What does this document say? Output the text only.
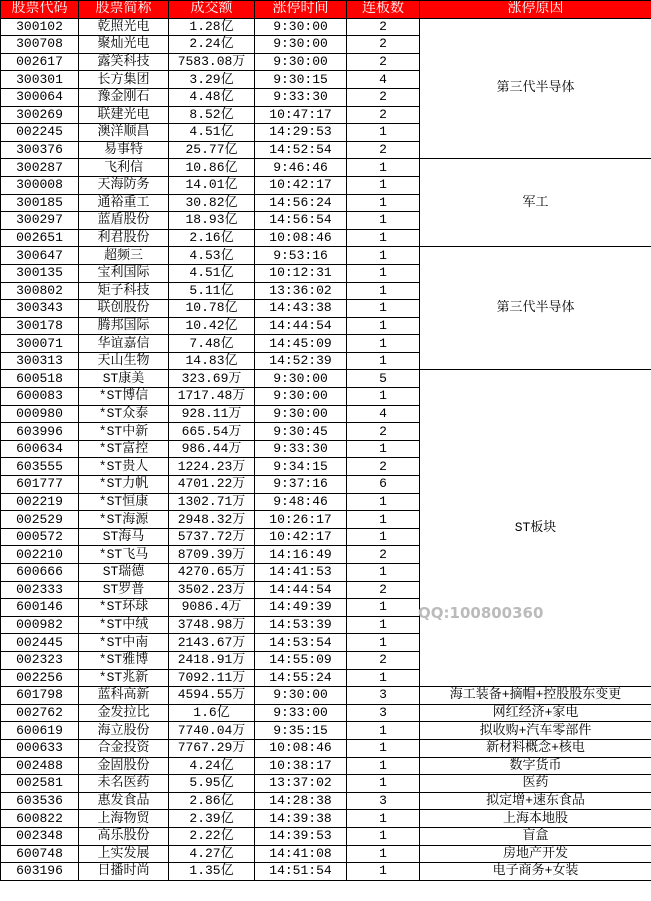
股票代码	股票简称	成交额	涨停时间	连板数	涨停原因
300102	乾照光电	1.28亿	9:30:00	2	第三代半导体
300708	聚灿光电	2.24亿	9:30:00	2	
002617	露笑科技	7583.08万	9:30:00	2	
300301	长方集团	3.29亿	9:30:15	4	
300064	豫金刚石	4.48亿	9:33:30	2	
300269	联建光电	8.52亿	10:47:17	2	
002245	澳洋顺昌	4.51亿	14:29:53	1	
300376	易事特	25.77亿	14:52:54	2	
300287	飞利信	10.86亿	9:46:46	1	军工
300008	天海防务	14.01亿	10:42:17	1	
300185	通裕重工	30.82亿	14:56:24	1	
300297	蓝盾股份	18.93亿	14:56:54	1	
002651	利君股份	2.16亿	10:08:46	1	
300647	超频三	4.53亿	9:53:16	1	第三代半导体
300135	宝利国际	4.51亿	10:12:31	1	
300802	矩子科技	5.11亿	13:36:02	1	
300343	联创股份	10.78亿	14:43:38	1	
300178	腾邦国际	10.42亿	14:44:54	1	
300071	华谊嘉信	7.48亿	14:45:09	1	
300313	天山生物	14.83亿	14:52:39	1	
600518	ST康美	323.69万	9:30:00	5	ST板块
600083	*ST博信	1717.48万	9:30:00	1	
000980	*ST众泰	928.11万	9:30:00	4	
603996	*ST中新	665.54万	9:30:45	2	
600634	*ST富控	986.44万	9:33:30	1	
603555	*ST贵人	1224.23万	9:34:15	2	
601777	*ST力帆	4701.22万	9:37:16	6	
002219	*ST恒康	1302.71万	9:48:46	1	
002529	*ST海源	2948.32万	10:26:17	1	
000572	ST海马	5737.72万	10:42:17	1	
002210	*ST飞马	8709.39万	14:16:49	2	
600666	ST瑞德	4270.65万	14:41:53	1	
002333	ST罗普	3502.23万	14:44:54	2	
600146	*ST环球	9086.4万	14:49:39	1	
000982	*ST中绒	3748.98万	14:53:39	1	
002445	*ST中南	2143.67万	14:53:54	1	
002323	*ST雅博	2418.91万	14:55:09	2	
002256	*ST兆新	7092.11万	14:55:24	1	
601798	蓝科高新	4594.55万	9:30:00	3	海工装备+摘帽+控股股东变更
002762	金发拉比	1.6亿	9:33:00	3	网红经济+家电
600619	海立股份	7740.04万	9:35:15	1	拟收购+汽车零部件
000633	合金投资	7767.29万	10:08:46	1	新材料概念+核电
002488	金固股份	4.24亿	10:38:17	1	数字货币
002581	未名医药	5.95亿	13:37:02	1	医药
603536	惠发食品	2.86亿	14:28:38	3	拟定增+速东食品
600822	上海物贸	2.39亿	14:39:38	1	上海本地股
002348	高乐股份	2.22亿	14:39:53	1	盲盒
600748	上实发展	4.27亿	14:41:08	1	房地产开发
603196	日播时尚	1.35亿	14:51:54	1	电子商务+女装
QQ:100800360
